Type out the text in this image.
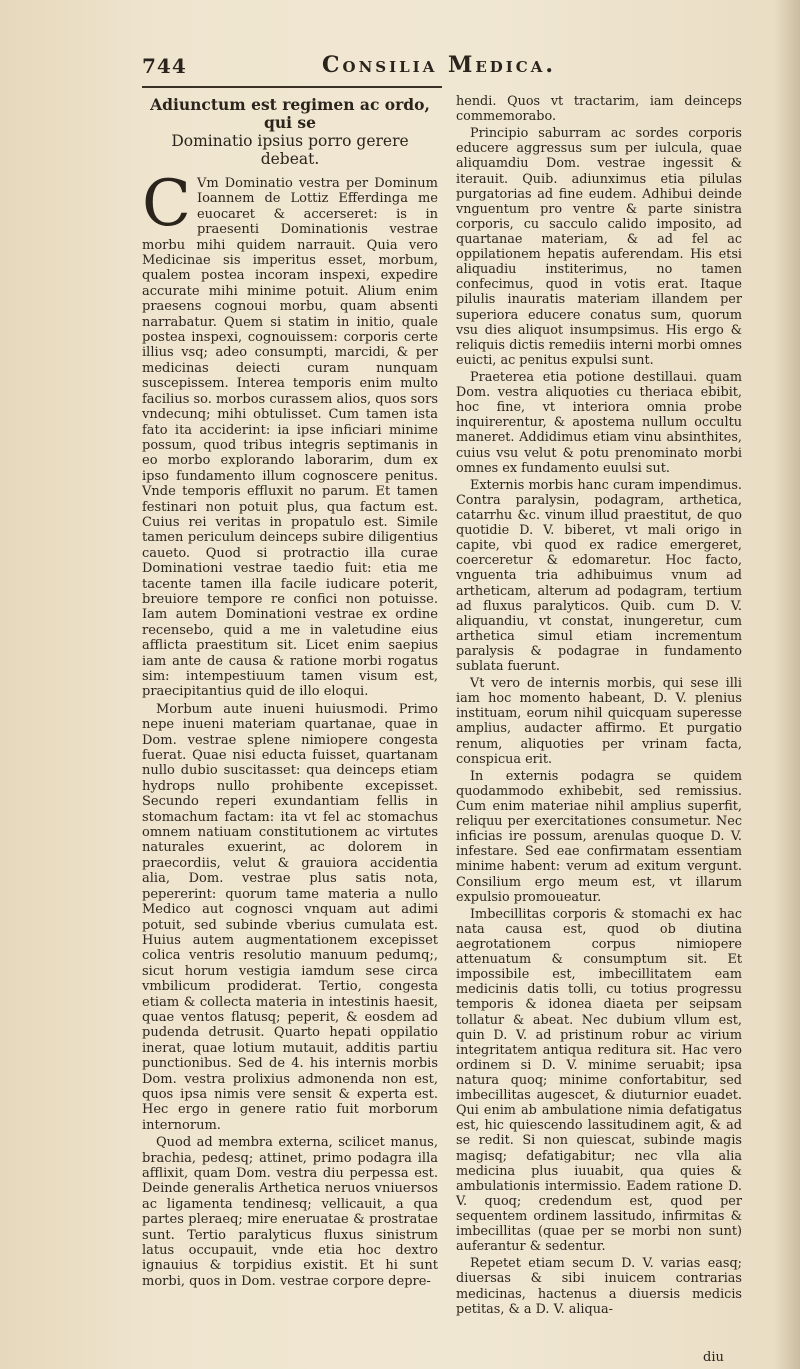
744	Consilia Medica.
Adiunctum est regimen ac ordo, qui se
Dominatio ipsius porro gerere
debeat.

C Vm Dominatio vestra per Dominum Ioannem de Lottiz Efferdinga me euocaret & accerseret: is in praesenti Dominationis vestrae morbu mihi quidem narrauit. Quia vero Medicinae sis imperitus esset, morbum, qualem postea incoram inspexi, expedire accurate mihi minime potuit. Alium enim praesens cognoui morbu, quam absenti narrabatur. Quem si statim in initio, quale postea inspexi, cognouissem: corporis certe illius vsq; adeo consumpti, marcidi, & per medicinas deiecti curam nunquam suscepissem. Interea temporis enim multo facilius so. morbos curassem alios, quos sors vndecunq; mihi obtulisset. Cum tamen ista fato ita acciderint: ia ipse inficiari minime possum, quod tribus integris septimanis in eo morbo explorando laborarim, dum ex ipso fundamento illum cognoscere penitus. Vnde temporis effluxit no parum. Et tamen festinari non potuit plus, qua factum est. Cuius rei veritas in propatulo est. Simile tamen periculum deinceps subire diligentius caueto. Quod si protractio illa curae Dominationi vestrae taedio fuit: etia me tacente tamen illa facile iudicare poterit, breuiore tempore re confici non potuisse. Iam autem Dominationi vestrae ex ordine recensebo, quid a me in valetudine eius afflicta praestitum sit. Licet enim saepius iam ante de causa & ratione morbi rogatus sim: intempestiuum tamen visum est, praecipitantius quid de illo eloqui.

Morbum aute inueni huiusmodi. Primo nepe inueni materiam quartanae, quae in Dom. vestrae splene nimiopere congesta fuerat. Quae nisi educta fuisset, quartanam nullo dubio suscitasset: qua deinceps etiam hydrops nullo prohibente excepisset. Secundo reperi exundantiam fellis in stomachum factam: ita vt fel ac stomachus omnem natiuam constitutionem ac virtutes naturales exuerint, ac dolorem in praecordiis, velut & grauiora accidentia alia, Dom. vestrae plus satis nota, pepererint: quorum tame materia a nullo Medico aut cognosci vnquam aut adimi potuit, sed subinde vberius cumulata est. Huius autem augmentationem excepisset colica ventris resolutio manuum pedumq;, sicut horum vestigia iamdum sese circa vmbilicum prodiderat. Tertio, congesta etiam & collecta materia in intestinis haesit, quae ventos flatusq; peperit, & eosdem ad pudenda detrusit. Quarto hepati oppilatio inerat, quae lotium mutauit, additis partiu punctionibus. Sed de 4. his internis morbis Dom. vestra prolixius admonenda non est, quos ipsa nimis vere sensit & experta est. Hec ergo in genere ratio fuit morborum internorum.

Quod ad membra externa, scilicet manus, brachia, pedesq; attinet, primo podagra illa afflixit, quam Dom. vestra diu perpessa est. Deinde generalis Arthetica neruos vniuersos ac ligamenta tendinesq; vellicauit, a qua partes pleraeq; mire eneruatae & prostratae sunt. Tertio paralyticus fluxus sinistrum latus occupauit, vnde etia hoc dextro ignauius & torpidius existit. Et hi sunt morbi, quos in Dom. vestrae corpore depre-

hendi. Quos vt tractarim, iam deinceps commemorabo.

Principio saburram ac sordes corporis educere aggressus sum per iulcula, quae aliquamdiu Dom. vestrae ingessit & iterauit. Quib. adiunximus etia pilulas purgatorias ad fine eudem. Adhibui deinde vnguentum pro ventre & parte sinistra corporis, cu sacculo calido imposito, ad quartanae materiam, & ad fel ac oppilationem hepatis auferendam. His etsi aliquadiu institerimus, no tamen confecimus, quod in votis erat. Itaque pilulis inauratis materiam illandem per superiora educere conatus sum, quorum vsu dies aliquot insumpsimus. His ergo & reliquis dictis remediis interni morbi omnes euicti, ac penitus expulsi sunt.

Praeterea etia potione destillaui. quam Dom. vestra aliquoties cu theriaca ebibit, hoc fine, vt interiora omnia probe inquirerentur, & apostema nullum occultu maneret. Addidimus etiam vinu absinthites, cuius vsu velut & potu prenominato morbi omnes ex fundamento euulsi sut.

Externis morbis hanc curam impendimus. Contra paralysin, podagram, arthetica, catarrhu &c. vinum illud praestitut, de quo quotidie D. V. biberet, vt mali origo in capite, vbi quod ex radice emergeret, coerceretur & edomaretur. Hoc facto, vnguenta tria adhibuimus vnum ad artheticam, alterum ad podagram, tertium ad fluxus paralyticos. Quib. cum D. V. aliquandiu, vt constat, inungeretur, cum arthetica simul etiam incrementum paralysis & podagrae in fundamento sublata fuerunt.

Vt vero de internis morbis, qui sese illi iam hoc momento habeant, D. V. plenius instituam, eorum nihil quicquam superesse amplius, audacter affirmo. Et purgatio renum, aliquoties per vrinam facta, conspicua erit.

In externis podagra se quidem quodammodo exhibebit, sed remissius. Cum enim materiae nihil amplius superfit, reliquu per exercitationes consumetur. Nec inficias ire possum, arenulas quoque D. V. infestare. Sed eae confirmatam essentiam minime habent: verum ad exitum vergunt. Consilium ergo meum est, vt illarum expulsio promoueatur.

Imbecillitas corporis & stomachi ex hac nata causa est, quod ob diutina aegrotationem corpus nimiopere attenuatum & consumptum sit. Et impossibile est, imbecillitatem eam medicinis datis tolli, cu totius progressu temporis & idonea diaeta per seipsam tollatur & abeat. Nec dubium vllum est, quin D. V. ad pristinum robur ac virium integritatem antiqua reditura sit. Hac vero ordinem si D. V. minime seruabit; ipsa natura quoq; minime confortabitur, sed imbecillitas augescet, & diuturnior euadet. Qui enim ab ambulatione nimia defatigatus est, hic quiescendo lassitudinem agit, & ad se redit. Si non quiescat, subinde magis magisq; defatigabitur; nec vlla alia medicina plus iuuabit, qua quies & ambulationis intermissio. Eadem ratione D. V. quoq; credendum est, quod per sequentem ordinem lassitudo, infirmitas & imbecillitas (quae per se morbi non sunt) auferantur & sedentur.

Repetet etiam secum D. V. varias easq; diuersas & sibi inuicem contrarias medicinas, hactenus a diuersis medicis petitas, & a D. V. aliqua-

diu
